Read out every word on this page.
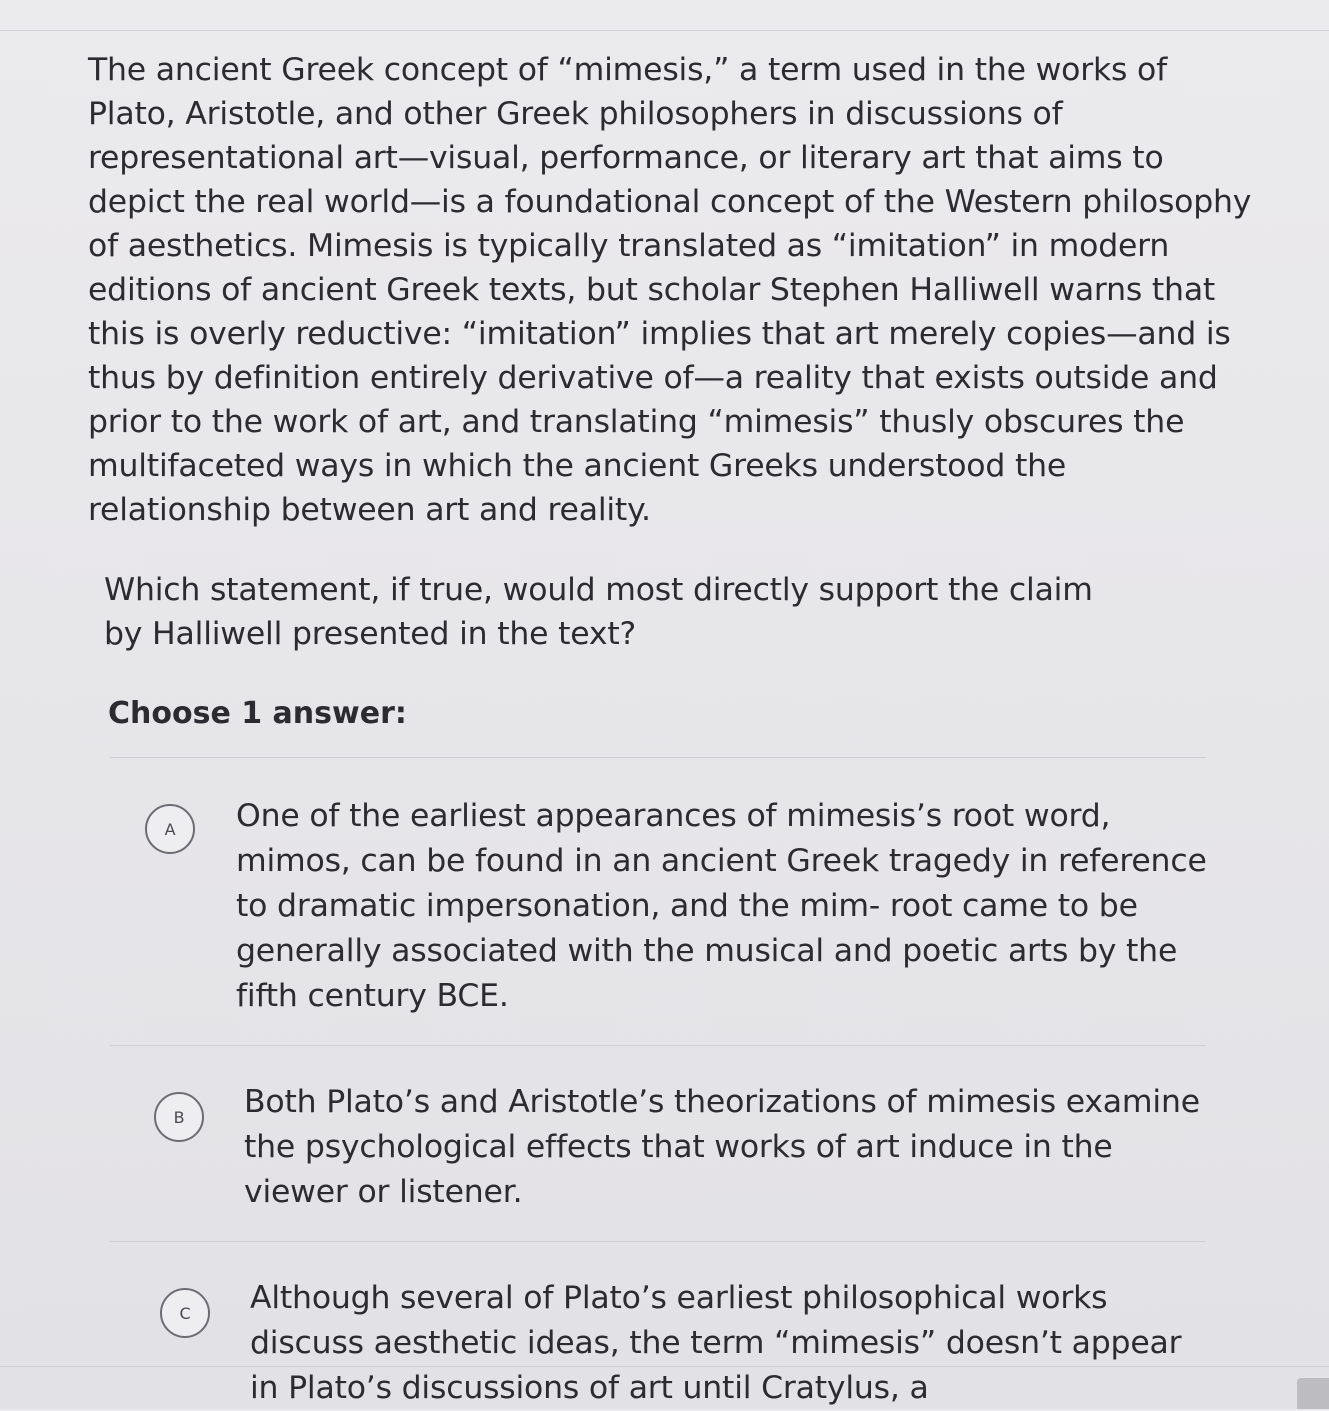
The ancient Greek concept of “mimesis,” a term used in the works of Plato, Aristotle, and other Greek philosophers in discussions of representational art—visual, performance, or literary art that aims to depict the real world—is a foundational concept of the Western philosophy of aesthetics. Mimesis is typically translated as “imitation” in modern editions of ancient Greek texts, but scholar Stephen Halliwell warns that this is overly reductive: “imitation” implies that art merely copies—and is thus by definition entirely derivative of—a reality that exists outside and prior to the work of art, and translating “mimesis” thusly obscures the multifaceted ways in which the ancient Greeks understood the relationship between art and reality.

Which statement, if true, would most directly support the claim by Halliwell presented in the text?
Choose 1 answer:
A One of the earliest appearances of mimesis’s root word, mimos, can be found in an ancient Greek tragedy in reference to dramatic impersonation, and the mim- root came to be generally associated with the musical and poetic arts by the fifth century BCE.
B Both Plato’s and Aristotle’s theorizations of mimesis examine the psychological effects that works of art induce in the viewer or listener.
C Although several of Plato’s earliest philosophical works discuss aesthetic ideas, the term “mimesis” doesn’t appear in Plato’s discussions of art until Cratylus, a
